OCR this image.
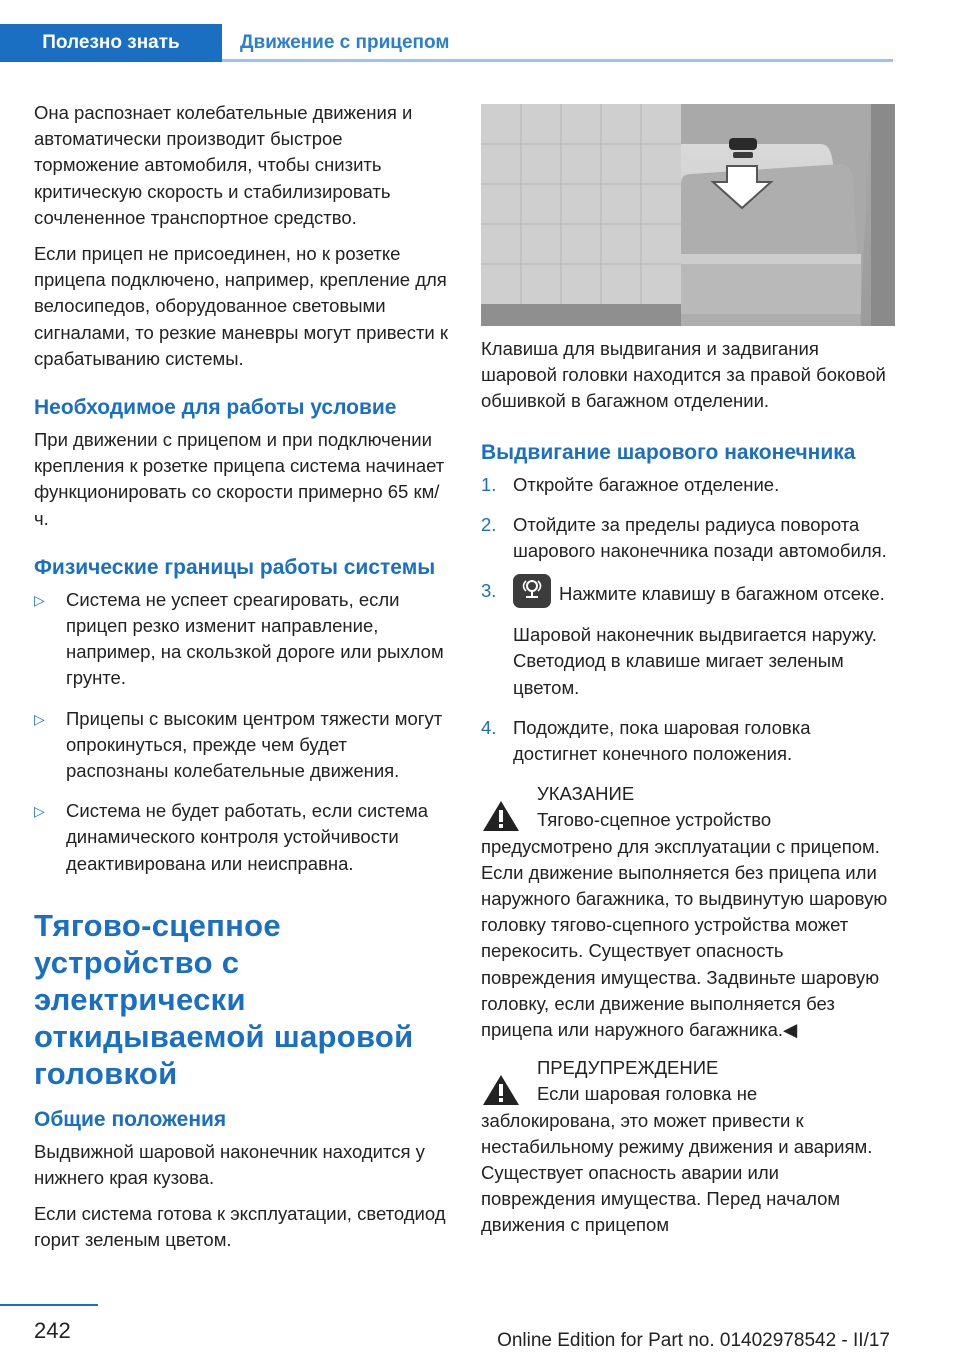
Полезно знать	Движение с прицепом

Она распознает колебательные движения и автоматически производит быстрое торможение автомобиля, чтобы снизить критическую скорость и стабилизировать сочлененное транспортное средство.

Если прицеп не присоединен, но к розетке прицепа подключено, например, крепление для велосипедов, оборудованное световыми сигналами, то резкие маневры могут привести к срабатыванию системы.

Необходимое для работы условие

При движении с прицепом и при подключении крепления к розетке прицепа система начинает функционировать со скорости примерно 65 км/ч.

Физические границы работы системы
▷ Система не успеет среагировать, если прицеп резко изменит направление, например, на скользкой дороге или рыхлом грунте.
▷ Прицепы с высоким центром тяжести могут опрокинуться, прежде чем будет распознаны колебательные движения.
▷ Система не будет работать, если система динамического контроля устойчивости деактивирована или неисправна.
Тягово-сцепное устройство с электрически откидываемой шаровой головкой
Общие положения

Выдвижной шаровой наконечник находится у нижнего края кузова.

Если система готова к эксплуатации, светодиод горит зеленым цветом.

Клавиша для выдвигания и задвигания шаровой головки находится за правой боковой обшивкой в багажном отделении.

Выдвигание шарового наконечника
1. Откройте багажное отделение.

2. Отойдите за пределы радиуса поворота шарового наконечника позади автомобиля.

3.	Нажмите клавишу в багажном отсеке.

Шаровой наконечник выдвигается наружу. Светодиод в клавише мигает зеленым цветом.

4. Подождите, пока шаровая головка достигнет конечного положения.

УКАЗАНИЕ
Тягово-сцепное устройство предусмотрено для эксплуатации с прицепом. Если движение выполняется без прицепа или наружного багажника, то выдвинутую шаровую головку тягово-сцепного устройства может перекосить. Существует опасность повреждения имущества. Задвиньте шаровую головку, если движение выполняется без прицепа или наружного багажника.◀
ПРЕДУПРЕЖДЕНИЕ
Если шаровая головка не заблокирована, это может привести к нестабильному режиму движения и авариям. Существует опасность аварии или повреждения имущества. Перед началом движения с прицепом
242	Online Edition for Part no. 01402978542 - II/17
